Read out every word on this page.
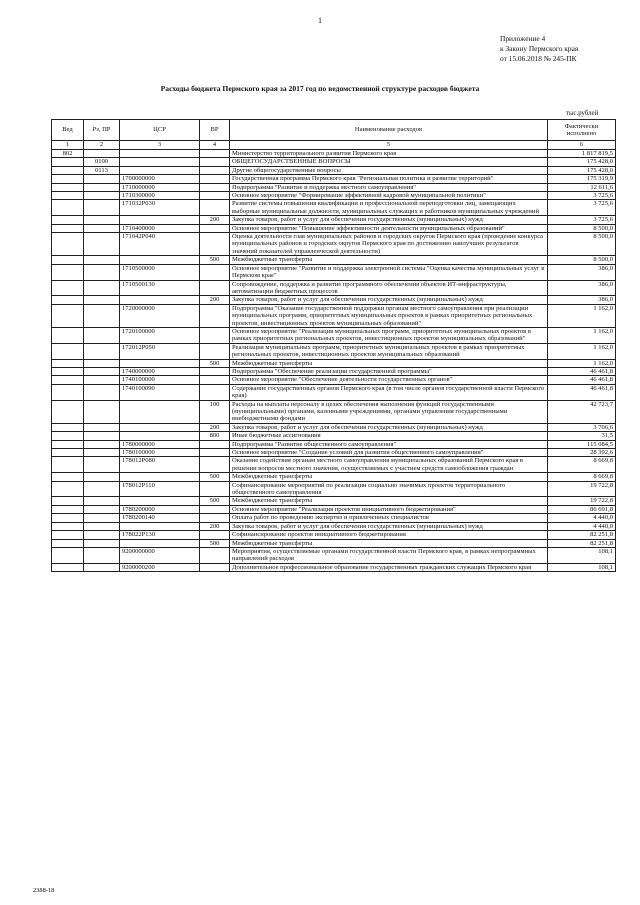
1
Приложение 4
к Закону Пермского края
от 15.06.2018 № 245-ПК
Расходы бюджета Пермского края за 2017 год по ведомственной структуре расходов бюджета
тыс.рублей
Вед	Рз, ПР	ЦСР	ВР	Наименование расходов	Фактически исполнено
1	2	3	4	5	6
802				Министерство территориального развития Пермского края	1 817 819,5
	0100			ОБЩЕГОСУДАРСТВЕННЫЕ ВОПРОСЫ	175 428,0
	0113			Другие общегосударственные вопросы	175 428,0
		1700000000		Государственная программа Пермского края "Региональная политика и развитие территорий"	175 319,9
		1710000000		Подпрограмма "Развитие и поддержка местного самоуправления"	12 611,6
		1710300000		Основное мероприятие "Формирование эффективной кадровой муниципальной политики"	3 725,6
		171032Р030		Развитие системы повышения квалификации и профессиональной переподготовки лиц, замещающих выборные муниципальные должности, муниципальных служащих и работников муниципальных учреждений	3 725,6
			200	Закупка товаров, работ и услуг для обеспечения государственных (муниципальных) нужд	3 725,6
		1710400000		Основное мероприятие "Повышение эффективности деятельности муниципальных образований"	8 500,0
		171042Р040		Оценка деятельности глав муниципальных районов и городских округов Пермского края (проведение конкурса муниципальных районов и городских округов Пермского края по достижению наилучших результатов значений показателей управленческой деятельности)	8 500,0
			500	Межбюджетные трансферты	8 500,0
		1710500000		Основное мероприятие "Развитие и поддержка электронной системы "Оценка качества муниципальных услуг в Пермском крае"	386,0
		1710500130		Сопровождение, поддержка и развитие программного обеспечения объектов ИТ-инфраструктуры, автоматизации бюджетных процессов	386,0
			200	Закупка товаров, работ и услуг для обеспечения государственных (муниципальных) нужд	386,0
		1720000000		Подпрограмма "Оказание государственной поддержки органам местного самоуправления при реализации муниципальных программ, приоритетных муниципальных проектов в рамках приоритетных региональных проектов, инвестиционных проектов муниципальных образований"	1 162,0
		1720100000		Основное мероприятие "Реализация муниципальных программ, приоритетных муниципальных проектов в рамках приоритетных региональных проектов, инвестиционных проектов муниципальных образований"	1 162,0
		172012Р050		Реализация муниципальных программ, приоритетных муниципальных проектов в рамках приоритетных региональных проектов, инвестиционных проектов муниципальных образований	1 162,0
			500	Межбюджетные трансферты	1 162,0
		1740000000		Подпрограмма "Обеспечение реализации государственной программы"	46 461,8
		1740100000		Основное мероприятие "Обеспечение деятельности государственных органов"	46 461,8
		1740100090		Содержание государственных органов Пермского края (в том числе органов государственной власти Пермского края)	46 461,8
			100	Расходы на выплаты персоналу в целях обеспечения выполнения функций государственными (муниципальными) органами, казенными учреждениями, органами управления государственными внебюджетными фондами	42 723,7
			200	Закупка товаров, работ и услуг для обеспечения государственных (муниципальных) нужд	3 706,6
			800	Иные бюджетные ассигнования	31,5
		1780000000		Подпрограмма "Развитие общественного самоуправления"	115 084,5
		1780100000		Основное мероприятие "Создание условий для развития общественного самоуправления"	28 392,6
		178012Р080		Оказание содействия органам местного самоуправления муниципальных образований Пермского края в решении вопросов местного значения, осуществляемых с участием средств самообложения граждан	8 669,8
			500	Межбюджетные трансферты	8 669,8
		178012Р110		Софинансирование мероприятий по реализации социально значимых проектов территориального общественного самоуправления	19 722,8
			500	Межбюджетные трансферты	19 722,8
		1780200000		Основное мероприятие "Реализация проектов инициативного бюджетирования"	86 691,8
		1780200140		Оплата работ по проведению экспертиз и привлеченных специалистов	4 440,0
			200	Закупка товаров, работ и услуг для обеспечения государственных (муниципальных) нужд	4 440,0
		178022Р130		Софинансирование проектов инициативного бюджетирования	82 251,8
			500	Межбюджетные трансферты	82 251,8
		9200000000		Мероприятия, осуществляемые органами государственной власти Пермского края, в рамках непрограммных направлений расходов	108,1
		9200000200		Дополнительное профессиональное образование государственных гражданских служащих Пермского края	108,1
2388-18
